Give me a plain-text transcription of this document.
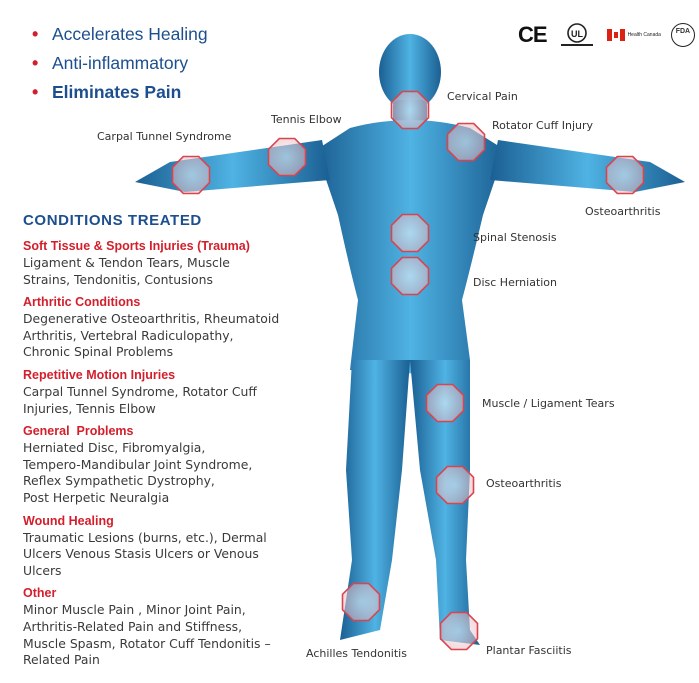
• Accelerates Healing
• Anti-inflammatory
• Eliminates Pain
CE	UL	Health Canada	FDA
CONDITIONS TREATED
Soft Tissue & Sports Injuries (Trauma)
Ligament & Tendon Tears, Muscle
Strains, Tendonitis, Contusions
Arthritic Conditions
Degenerative Osteoarthritis, Rheumatoid
Arthritis, Vertebral Radiculopathy,
Chronic Spinal Problems
Repetitive Motion Injuries
Carpal Tunnel Syndrome, Rotator Cuff
Injuries, Tennis Elbow
General  Problems
Herniated Disc, Fibromyalgia,
Tempero-Mandibular Joint Syndrome,
Reflex Sympathetic Dystrophy,
Post Herpetic Neuralgia
Wound Healing
Traumatic Lesions (burns, etc.), Dermal
Ulcers Venous Stasis Ulcers or Venous
Ulcers
Other
Minor Muscle Pain , Minor Joint Pain,
Arthritis-Related Pain and Stiffness,
Muscle Spasm, Rotator Cuff Tendonitis –
Related Pain
Cervical Pain
Tennis Elbow
Carpal Tunnel Syndrome
Rotator Cuff Injury
Osteoarthritis
Spinal Stenosis
Disc Herniation
Muscle / Ligament Tears
Osteoarthritis
Achilles Tendonitis	Plantar Fasciitis
